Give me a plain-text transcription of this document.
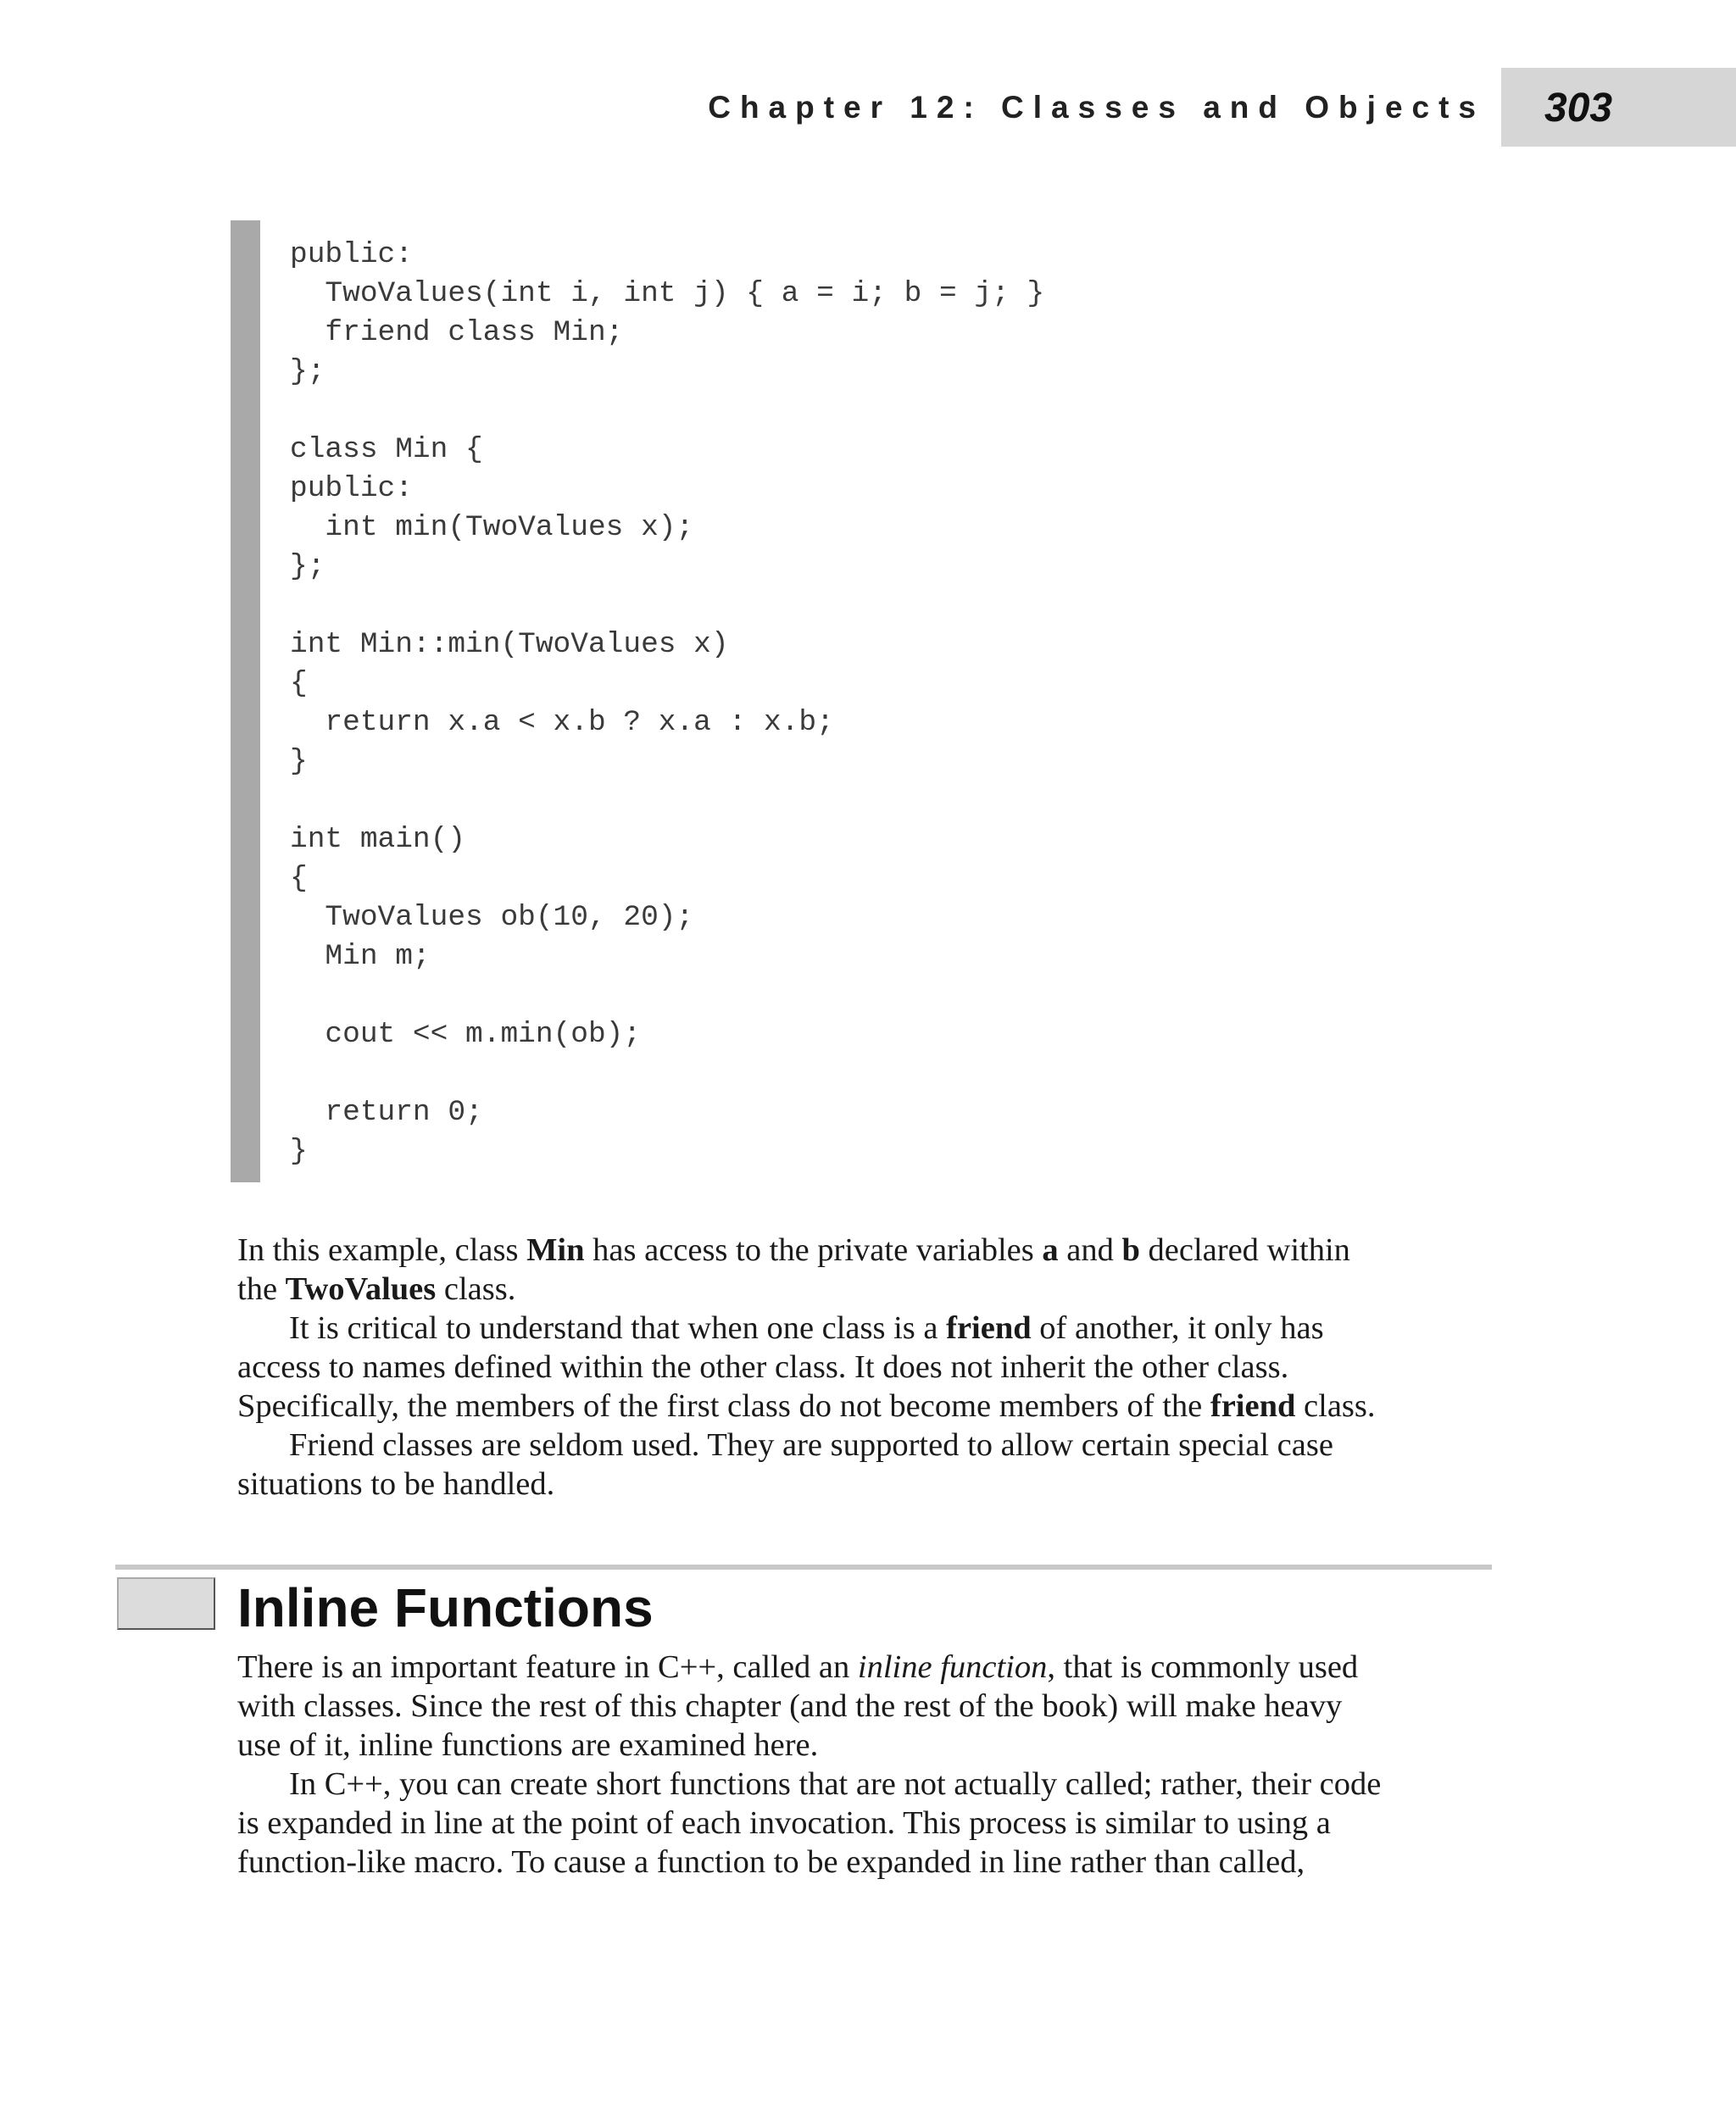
Chapter 12: Classes and Objects 303
public:
TwoValues(int i, int j) { a = i; b = j; }
friend class Min;
};
class Min {
public:
int min(TwoValues x);
};
int Min::min(TwoValues x)
{
return x.a < x.b ? x.a : x.b;
}
int main()
{
TwoValues ob(10, 20);
Min m;
cout << m.min(ob);
return 0;
}

In this example, class Min has access to the private variables a and b declared within

the TwoValues class.

It is critical to understand that when one class is a friend of another, it only has

access to names defined within the other class. It does not inherit the other class.

Specifically, the members of the first class do not become members of the friend class.

Friend classes are seldom used. They are supported to allow certain special case

situations to be handled.

Inline Functions

There is an important feature in C++, called an inline function, that is commonly used

with classes. Since the rest of this chapter (and the rest of the book) will make heavy

use of it, inline functions are examined here.

In C++, you can create short functions that are not actually called; rather, their code

is expanded in line at the point of each invocation. This process is similar to using a

function-like macro. To cause a function to be expanded in line rather than called,
